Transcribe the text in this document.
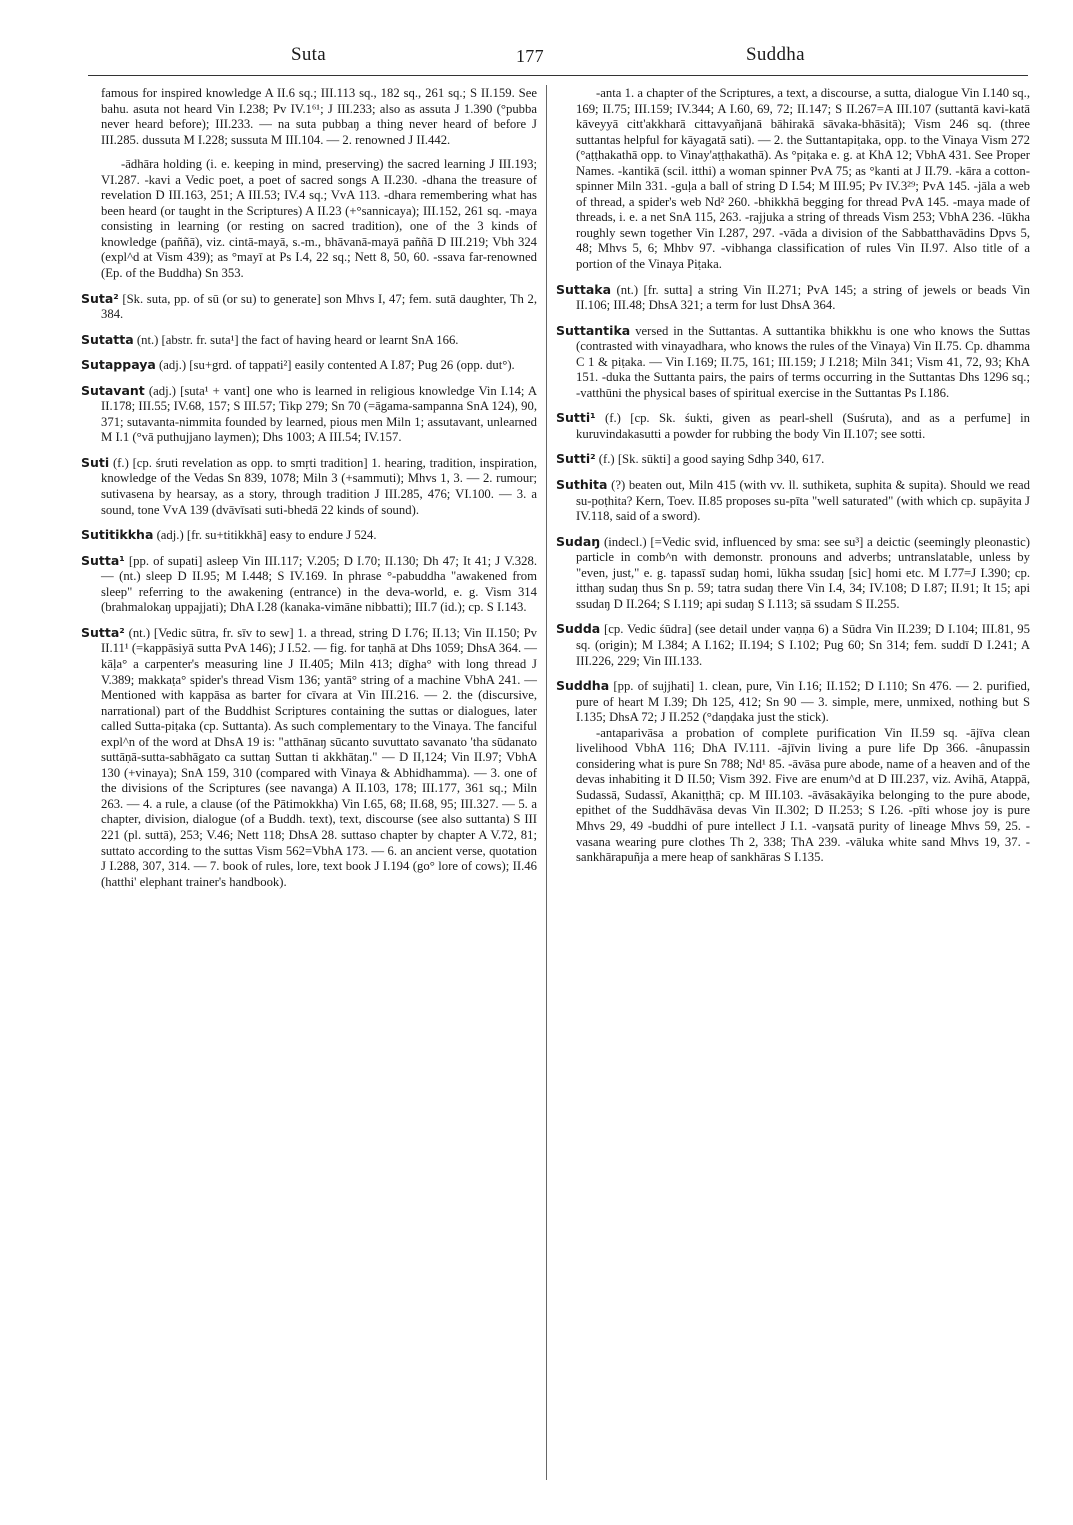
Suta	177	Suddha

famous for inspired knowledge A II.6 sq.; III.113 sq., 182 sq., 261 sq.; S II.159. See bahu. asuta not heard Vin I.238; Pv IV.1⁶¹; J III.233; also as assuta J 1.390 (°pubba never heard before); III.233. — na suta pubbaŋ a thing never heard of before J III.285. dussuta M I.228; sussuta M III.104. — 2. renowned J II.442.

-ādhāra holding (i. e. keeping in mind, preserving) the sacred learning J III.193; VI.287. -kavi a Vedic poet, a poet of sacred songs A II.230. -dhana the treasure of revelation D III.163, 251; A III.53; IV.4 sq.; VvA 113. -dhara remembering what has been heard (or taught in the Scriptures) A II.23 (+°sannicaya); III.152, 261 sq. -maya consisting in learning (or resting on sacred tradition), one of the 3 kinds of knowledge (paññā), viz. cintā-mayā, s.-m., bhāvanā-mayā paññā D III.219; Vbh 324 (expl^d at Vism 439); as °mayī at Ps I.4, 22 sq.; Nett 8, 50, 60. -ssava far-renowned (Ep. of the Buddha) Sn 353.

Suta² [Sk. suta, pp. of sū (or su) to generate] son Mhvs I, 47; fem. sutā daughter, Th 2, 384.

Sutatta (nt.) [abstr. fr. suta¹] the fact of having heard or learnt SnA 166.

Sutappaya (adj.) [su+grd. of tappati²] easily contented A I.87; Pug 26 (opp. dut°).

Sutavant (adj.) [suta¹ + vant] one who is learned in religious knowledge Vin I.14; A II.178; III.55; IV.68, 157; S III.57; Tikp 279; Sn 70 (=āgama-sampanna SnA 124), 90, 371; sutavanta-nimmita founded by learned, pious men Miln 1; assutavant, unlearned M I.1 (°vā puthujjano laymen); Dhs 1003; A III.54; IV.157.

Suti (f.) [cp. śruti revelation as opp. to smṛti tradition] 1. hearing, tradition, inspiration, knowledge of the Vedas Sn 839, 1078; Miln 3 (+sammuti); Mhvs 1, 3. — 2. rumour; sutivasena by hearsay, as a story, through tradition J III.285, 476; VI.100. — 3. a sound, tone VvA 139 (dvāvīsati suti-bhedā 22 kinds of sound).

Sutitikkha (adj.) [fr. su+titikkhā] easy to endure J 524.

Sutta¹ [pp. of supati] asleep Vin III.117; V.205; D I.70; II.130; Dh 47; It 41; J V.328. — (nt.) sleep D II.95; M I.448; S IV.169. In phrase °-pabuddha "awakened from sleep" referring to the awakening (entrance) in the deva-world, e. g. Vism 314 (brahmalokaŋ uppajjati); DhA I.28 (kanaka-vimāne nibbatti); III.7 (id.); cp. S I.143.

Sutta² (nt.) [Vedic sūtra, fr. sīv to sew] 1. a thread, string D I.76; II.13; Vin II.150; Pv II.11¹ (=kappāsiyā sutta PvA 146); J I.52. — fig. for taṇhā at Dhs 1059; DhsA 364. — kāḷa° a carpenter's measuring line J II.405; Miln 413; dīgha° with long thread J V.389; makkaṭa° spider's thread Vism 136; yantā° string of a machine VbhA 241. — Mentioned with kappāsa as barter for cīvara at Vin III.216. — 2. the (discursive, narrational) part of the Buddhist Scriptures containing the suttas or dialogues, later called Sutta-piṭaka (cp. Suttanta). As such complementary to the Vinaya. The fanciful expl^n of the word at DhsA 19 is: "atthānaŋ sūcanto suvuttato savanato 'tha sūdanato suttāṇā-sutta-sabhāgato ca suttaŋ Suttan ti akkhātaŋ." — D II,124; Vin II.97; VbhA 130 (+vinaya); SnA 159, 310 (compared with Vinaya & Abhidhamma). — 3. one of the divisions of the Scriptures (see navanga) A II.103, 178; III.177, 361 sq.; Miln 263. — 4. a rule, a clause (of the Pātimokkha) Vin I.65, 68; II.68, 95; III.327. — 5. a chapter, division, dialogue (of a Buddh. text), text, discourse (see also suttanta) S III 221 (pl. suttā), 253; V.46; Nett 118; DhsA 28. suttaso chapter by chapter A V.72, 81; suttato according to the suttas Vism 562=VbhA 173. — 6. an ancient verse, quotation J I.288, 307, 314. — 7. book of rules, lore, text book J I.194 (go° lore of cows); II.46 (hatthi' elephant trainer's handbook).

-anta 1. a chapter of the Scriptures, a text, a discourse, a sutta, dialogue Vin I.140 sq., 169; II.75; III.159; IV.344; A I.60, 69, 72; II.147; S II.267=A III.107 (suttantā kavi-katā kāveyyā citt'akkharā cittavyañjanā bāhirakā sāvaka-bhāsitā); Vism 246 sq. (three suttantas helpful for kāyagatā sati). — 2. the Suttantapiṭaka, opp. to the Vinaya Vism 272 (°aṭṭhakathā opp. to Vinay'aṭṭhakathā). As °piṭaka e. g. at KhA 12; VbhA 431. See Proper Names. -kantikā (scil. itthi) a woman spinner PvA 75; as °kanti at J II.79. -kāra a cotton-spinner Miln 331. -guḷa a ball of string D I.54; M III.95; Pv IV.3²⁹; PvA 145. -jāla a web of thread, a spider's web Nd² 260. -bhikkhā begging for thread PvA 145. -maya made of threads, i. e. a net SnA 115, 263. -rajjuka a string of threads Vism 253; VbhA 236. -lūkha roughly sewn together Vin I.287, 297. -vāda a division of the Sabbatthavādins Dpvs 5, 48; Mhvs 5, 6; Mhbv 97. -vibhanga classification of rules Vin II.97. Also title of a portion of the Vinaya Piṭaka.

Suttaka (nt.) [fr. sutta] a string Vin II.271; PvA 145; a string of jewels or beads Vin II.106; III.48; DhsA 321; a term for lust DhsA 364.

Suttantika versed in the Suttantas. A suttantika bhikkhu is one who knows the Suttas (contrasted with vinayadhara, who knows the rules of the Vinaya) Vin II.75. Cp. dhamma C 1 & piṭaka. — Vin I.169; II.75, 161; III.159; J I.218; Miln 341; Vism 41, 72, 93; KhA 151. -duka the Suttanta pairs, the pairs of terms occurring in the Suttantas Dhs 1296 sq.; -vatthūni the physical bases of spiritual exercise in the Suttantas Ps I.186.

Sutti¹ (f.) [cp. Sk. śukti, given as pearl-shell (Suśruta), and as a perfume] in kuruvindakasutti a powder for rubbing the body Vin II.107; see sotti.

Sutti² (f.) [Sk. sūkti] a good saying Sdhp 340, 617.

Suthita (?) beaten out, Miln 415 (with vv. ll. suthiketa, suphita & supita). Should we read su-poṭhita? Kern, Toev. II.85 proposes su-pīta "well saturated" (with which cp. supāyita J IV.118, said of a sword).

Sudaŋ (indecl.) [=Vedic svid, influenced by sma: see su³] a deictic (seemingly pleonastic) particle in comb^n with demonstr. pronouns and adverbs; untranslatable, unless by "even, just," e. g. tapassī sudaŋ homi, lūkha ssudaŋ [sic] homi etc. M I.77=J I.390; cp. itthaŋ sudaŋ thus Sn p. 59; tatra sudaŋ there Vin I.4, 34; IV.108; D I.87; II.91; It 15; api ssudaŋ D II.264; S I.119; api sudaŋ S I.113; sā ssudam S II.255.

Sudda [cp. Vedic śūdra] (see detail under vaṇṇa 6) a Sūdra Vin II.239; D I.104; III.81, 95 sq. (origin); M I.384; A I.162; II.194; S I.102; Pug 60; Sn 314; fem. suddī D I.241; A III.226, 229; Vin III.133.

Suddha [pp. of sujjhati] 1. clean, pure, Vin I.16; II.152; D I.110; Sn 476. — 2. purified, pure of heart M I.39; Dh 125, 412; Sn 90 — 3. simple, mere, unmixed, nothing but S I.135; DhsA 72; J II.252 (°daṇḍaka just the stick).

-antaparivāsa a probation of complete purification Vin II.59 sq. -ājīva clean livelihood VbhA 116; DhA IV.111. -ājīvin living a pure life Dp 366. -ânupassin considering what is pure Sn 788; Nd¹ 85. -āvāsa pure abode, name of a heaven and of the devas inhabiting it D II.50; Vism 392. Five are enum^d at D III.237, viz. Avihā, Atappā, Sudassā, Sudassī, Akaniṭṭhā; cp. M III.103. -āvāsakāyika belonging to the pure abode, epithet of the Suddhāvāsa devas Vin II.302; D II.253; S I.26. -pīti whose joy is pure Mhvs 29, 49 -buddhi of pure intellect J I.1. -vaŋsatā purity of lineage Mhvs 59, 25. -vasana wearing pure clothes Th 2, 338; ThA 239. -vāluka white sand Mhvs 19, 37. -sankhārapuñja a mere heap of sankhāras S I.135.
